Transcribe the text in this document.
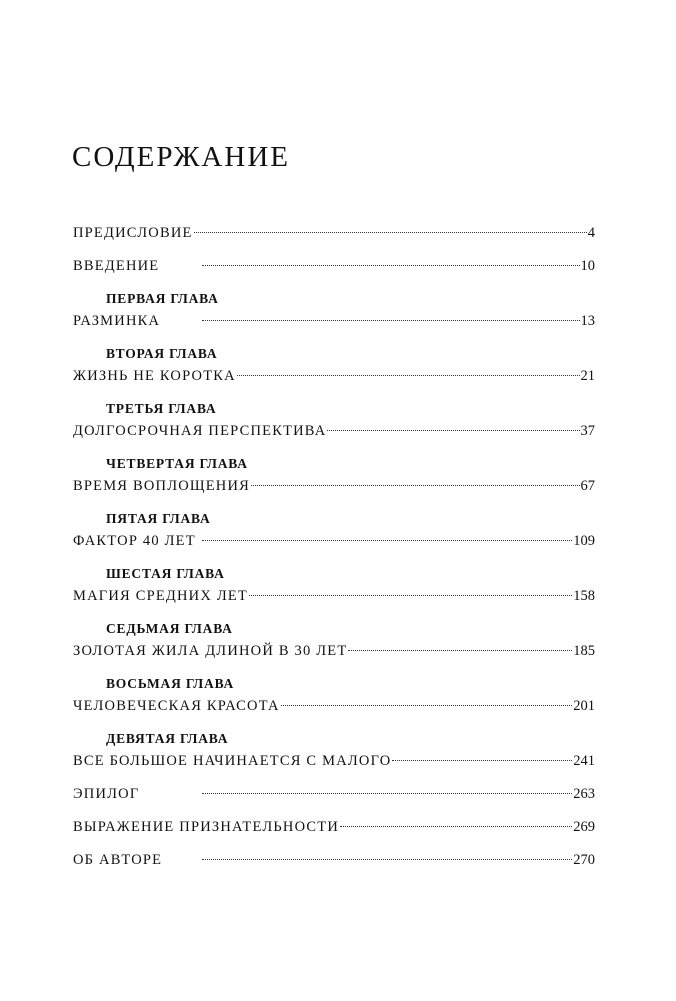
СОДЕРЖАНИЕ
ПРЕДИСЛОВИЕ	4
ВВЕДЕНИЕ	10
ПЕРВАЯ ГЛАВА
РАЗМИНКА	13
ВТОРАЯ ГЛАВА
ЖИЗНЬ НЕ КОРОТКА	21
ТРЕТЬЯ ГЛАВА
ДОЛГОСРОЧНАЯ ПЕРСПЕКТИВА	37
ЧЕТВЕРТАЯ ГЛАВА
ВРЕМЯ ВОПЛОЩЕНИЯ	67
ПЯТАЯ ГЛАВА
ФАКТОР 40 ЛЕТ	109
ШЕСТАЯ ГЛАВА
МАГИЯ СРЕДНИХ ЛЕТ	158
СЕДЬМАЯ ГЛАВА
ЗОЛОТАЯ ЖИЛА ДЛИНОЙ В 30 ЛЕТ	185
ВОСЬМАЯ ГЛАВА
ЧЕЛОВЕЧЕСКАЯ КРАСОТА	201
ДЕВЯТАЯ ГЛАВА
ВСЕ БОЛЬШОЕ НАЧИНАЕТСЯ С МАЛОГО	241
ЭПИЛОГ	263
ВЫРАЖЕНИЕ ПРИЗНАТЕЛЬНОСТИ	269
ОБ АВТОРЕ	270
